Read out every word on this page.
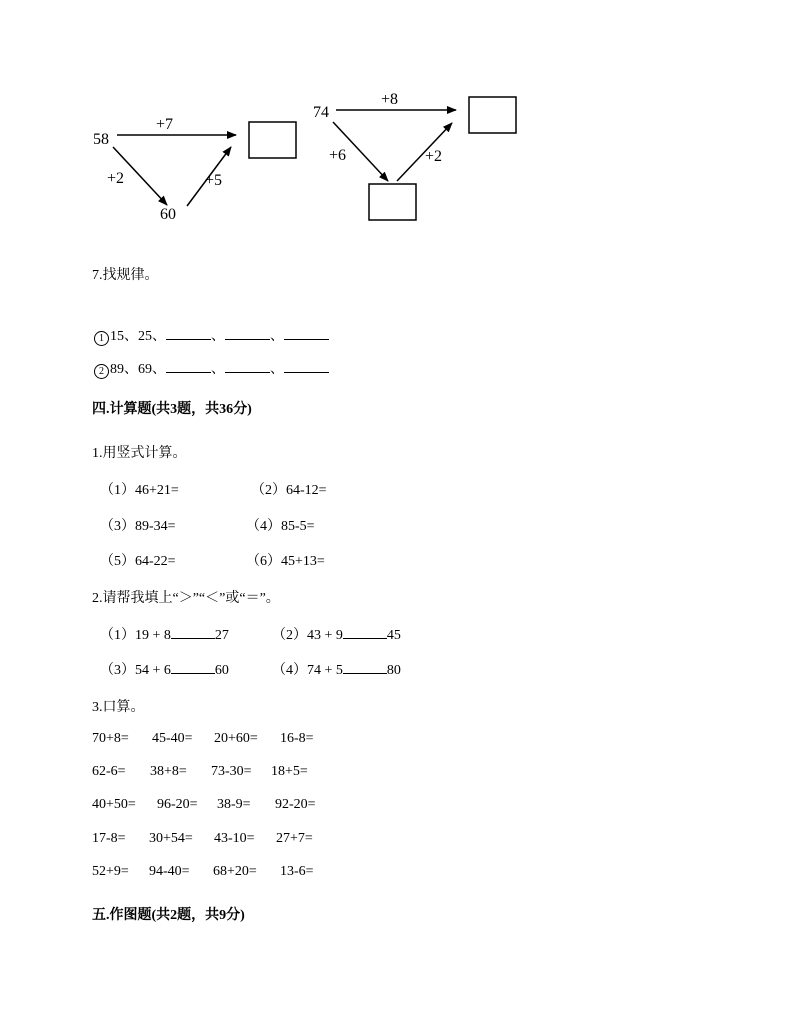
58
+7
+2	+5
60
74
+8
+6	+2
7.找规律。
1 15、25、	、	、
2 89、69、	、	、
四.计算题(共3题，共36分)
1.用竖式计算。
（1）46+21=	（2）64-12=
（3）89-34=	（4）85-5=
（5）64-22=	（6）45+13=
2.请帮我填上“＞”“＜”或“＝”。
（1）19 + 8	27	（2）43 + 9	45
（3）54 + 6	60	（4）74 + 5	80
3.口算。
70+8= 45-40= 20+60= 16-8=
62-6= 38+8= 73-30= 18+5=
40+50= 96-20= 38-9= 92-20=
17-8= 30+54= 43-10= 27+7=
52+9= 94-40= 68+20= 13-6=
五.作图题(共2题，共9分)
